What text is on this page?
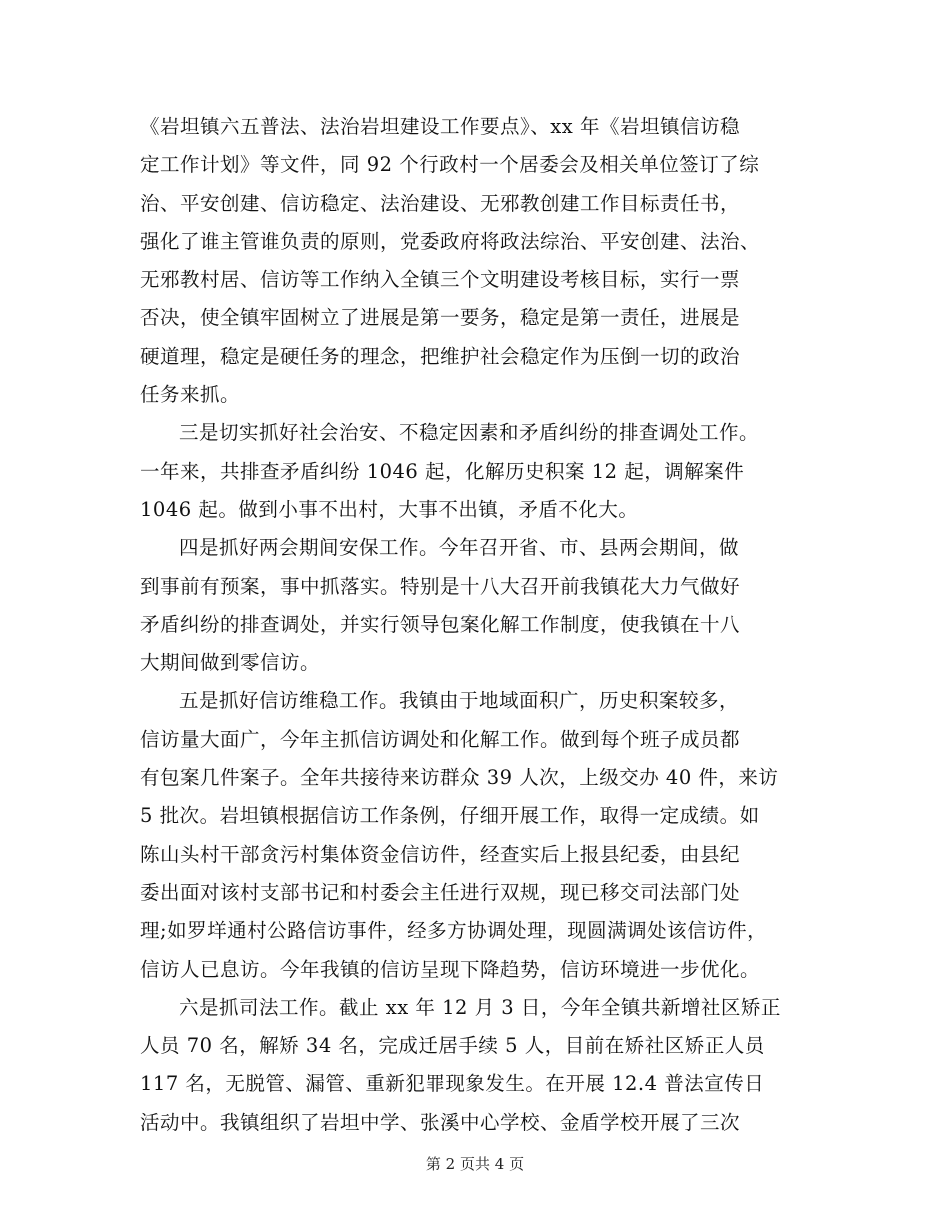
《岩坦镇六五普法、法治岩坦建设工作要点》、xx 年《岩坦镇信访稳
定工作计划》等文件，同 92 个行政村一个居委会及相关单位签订了综
治、平安创建、信访稳定、法治建设、无邪教创建工作目标责任书，
强化了谁主管谁负责的原则，党委政府将政法综治、平安创建、法治、
无邪教村居、信访等工作纳入全镇三个文明建设考核目标，实行一票
否决，使全镇牢固树立了进展是第一要务，稳定是第一责任，进展是
硬道理，稳定是硬任务的理念，把维护社会稳定作为压倒一切的政治
任务来抓。
三是切实抓好社会治安、不稳定因素和矛盾纠纷的排查调处工作。
一年来，共排查矛盾纠纷 1046 起，化解历史积案 12 起，调解案件
1046 起。做到小事不出村，大事不出镇，矛盾不化大。
四是抓好两会期间安保工作。今年召开省、市、县两会期间，做
到事前有预案，事中抓落实。特别是十八大召开前我镇花大力气做好
矛盾纠纷的排查调处，并实行领导包案化解工作制度，使我镇在十八
大期间做到零信访。
五是抓好信访维稳工作。我镇由于地域面积广，历史积案较多，
信访量大面广，今年主抓信访调处和化解工作。做到每个班子成员都
有包案几件案子。全年共接待来访群众 39 人次，上级交办 40 件，来访
5 批次。岩坦镇根据信访工作条例，仔细开展工作，取得一定成绩。如
陈山头村干部贪污村集体资金信访件，经查实后上报县纪委，由县纪
委出面对该村支部书记和村委会主任进行双规，现已移交司法部门处
理;如罗垟通村公路信访事件，经多方协调处理，现圆满调处该信访件，
信访人已息访。今年我镇的信访呈现下降趋势，信访环境进一步优化。
六是抓司法工作。截止 xx 年 12 月 3 日，今年全镇共新增社区矫正
人员 70 名，解矫 34 名，完成迁居手续 5 人，目前在矫社区矫正人员
117 名，无脱管、漏管、重新犯罪现象发生。在开展 12.4 普法宣传日
活动中。我镇组织了岩坦中学、张溪中心学校、金盾学校开展了三次
第 2 页共 4 页
